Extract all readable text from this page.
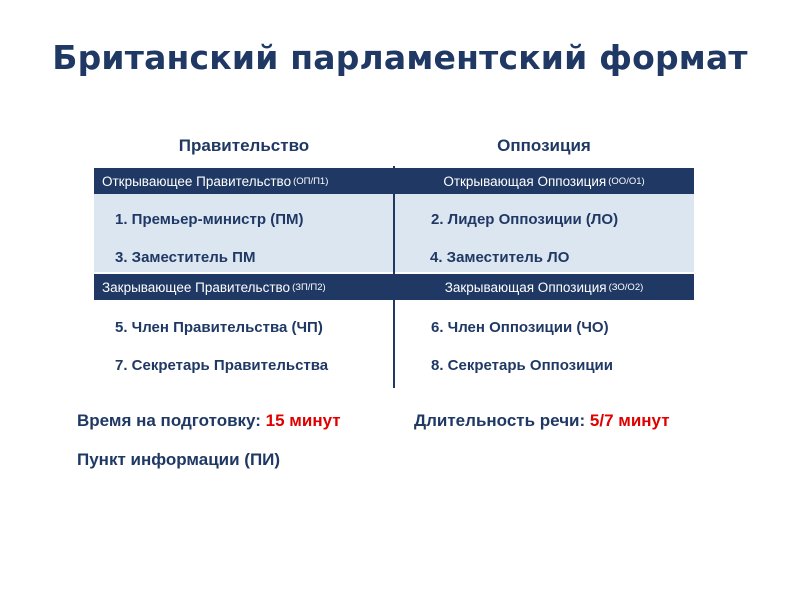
Британский парламентский формат
Правительство	Оппозиция
Открывающее Правительство (ОП/П1)	Открывающая Оппозиция (ОО/О1)
1. Премьер-министр (ПМ)	2. Лидер Оппозиции (ЛО)
3. Заместитель ПМ	4. Заместитель ЛО
Закрывающее Правительство (ЗП/П2)	Закрывающая Оппозиция (ЗО/О2)
5. Член Правительства (ЧП)	6. Член Оппозиции (ЧО)
7. Секретарь Правительства	8. Секретарь Оппозиции
Время на подготовку: 15 минут	Длительность речи: 5/7 минут
Пункт информации (ПИ)
